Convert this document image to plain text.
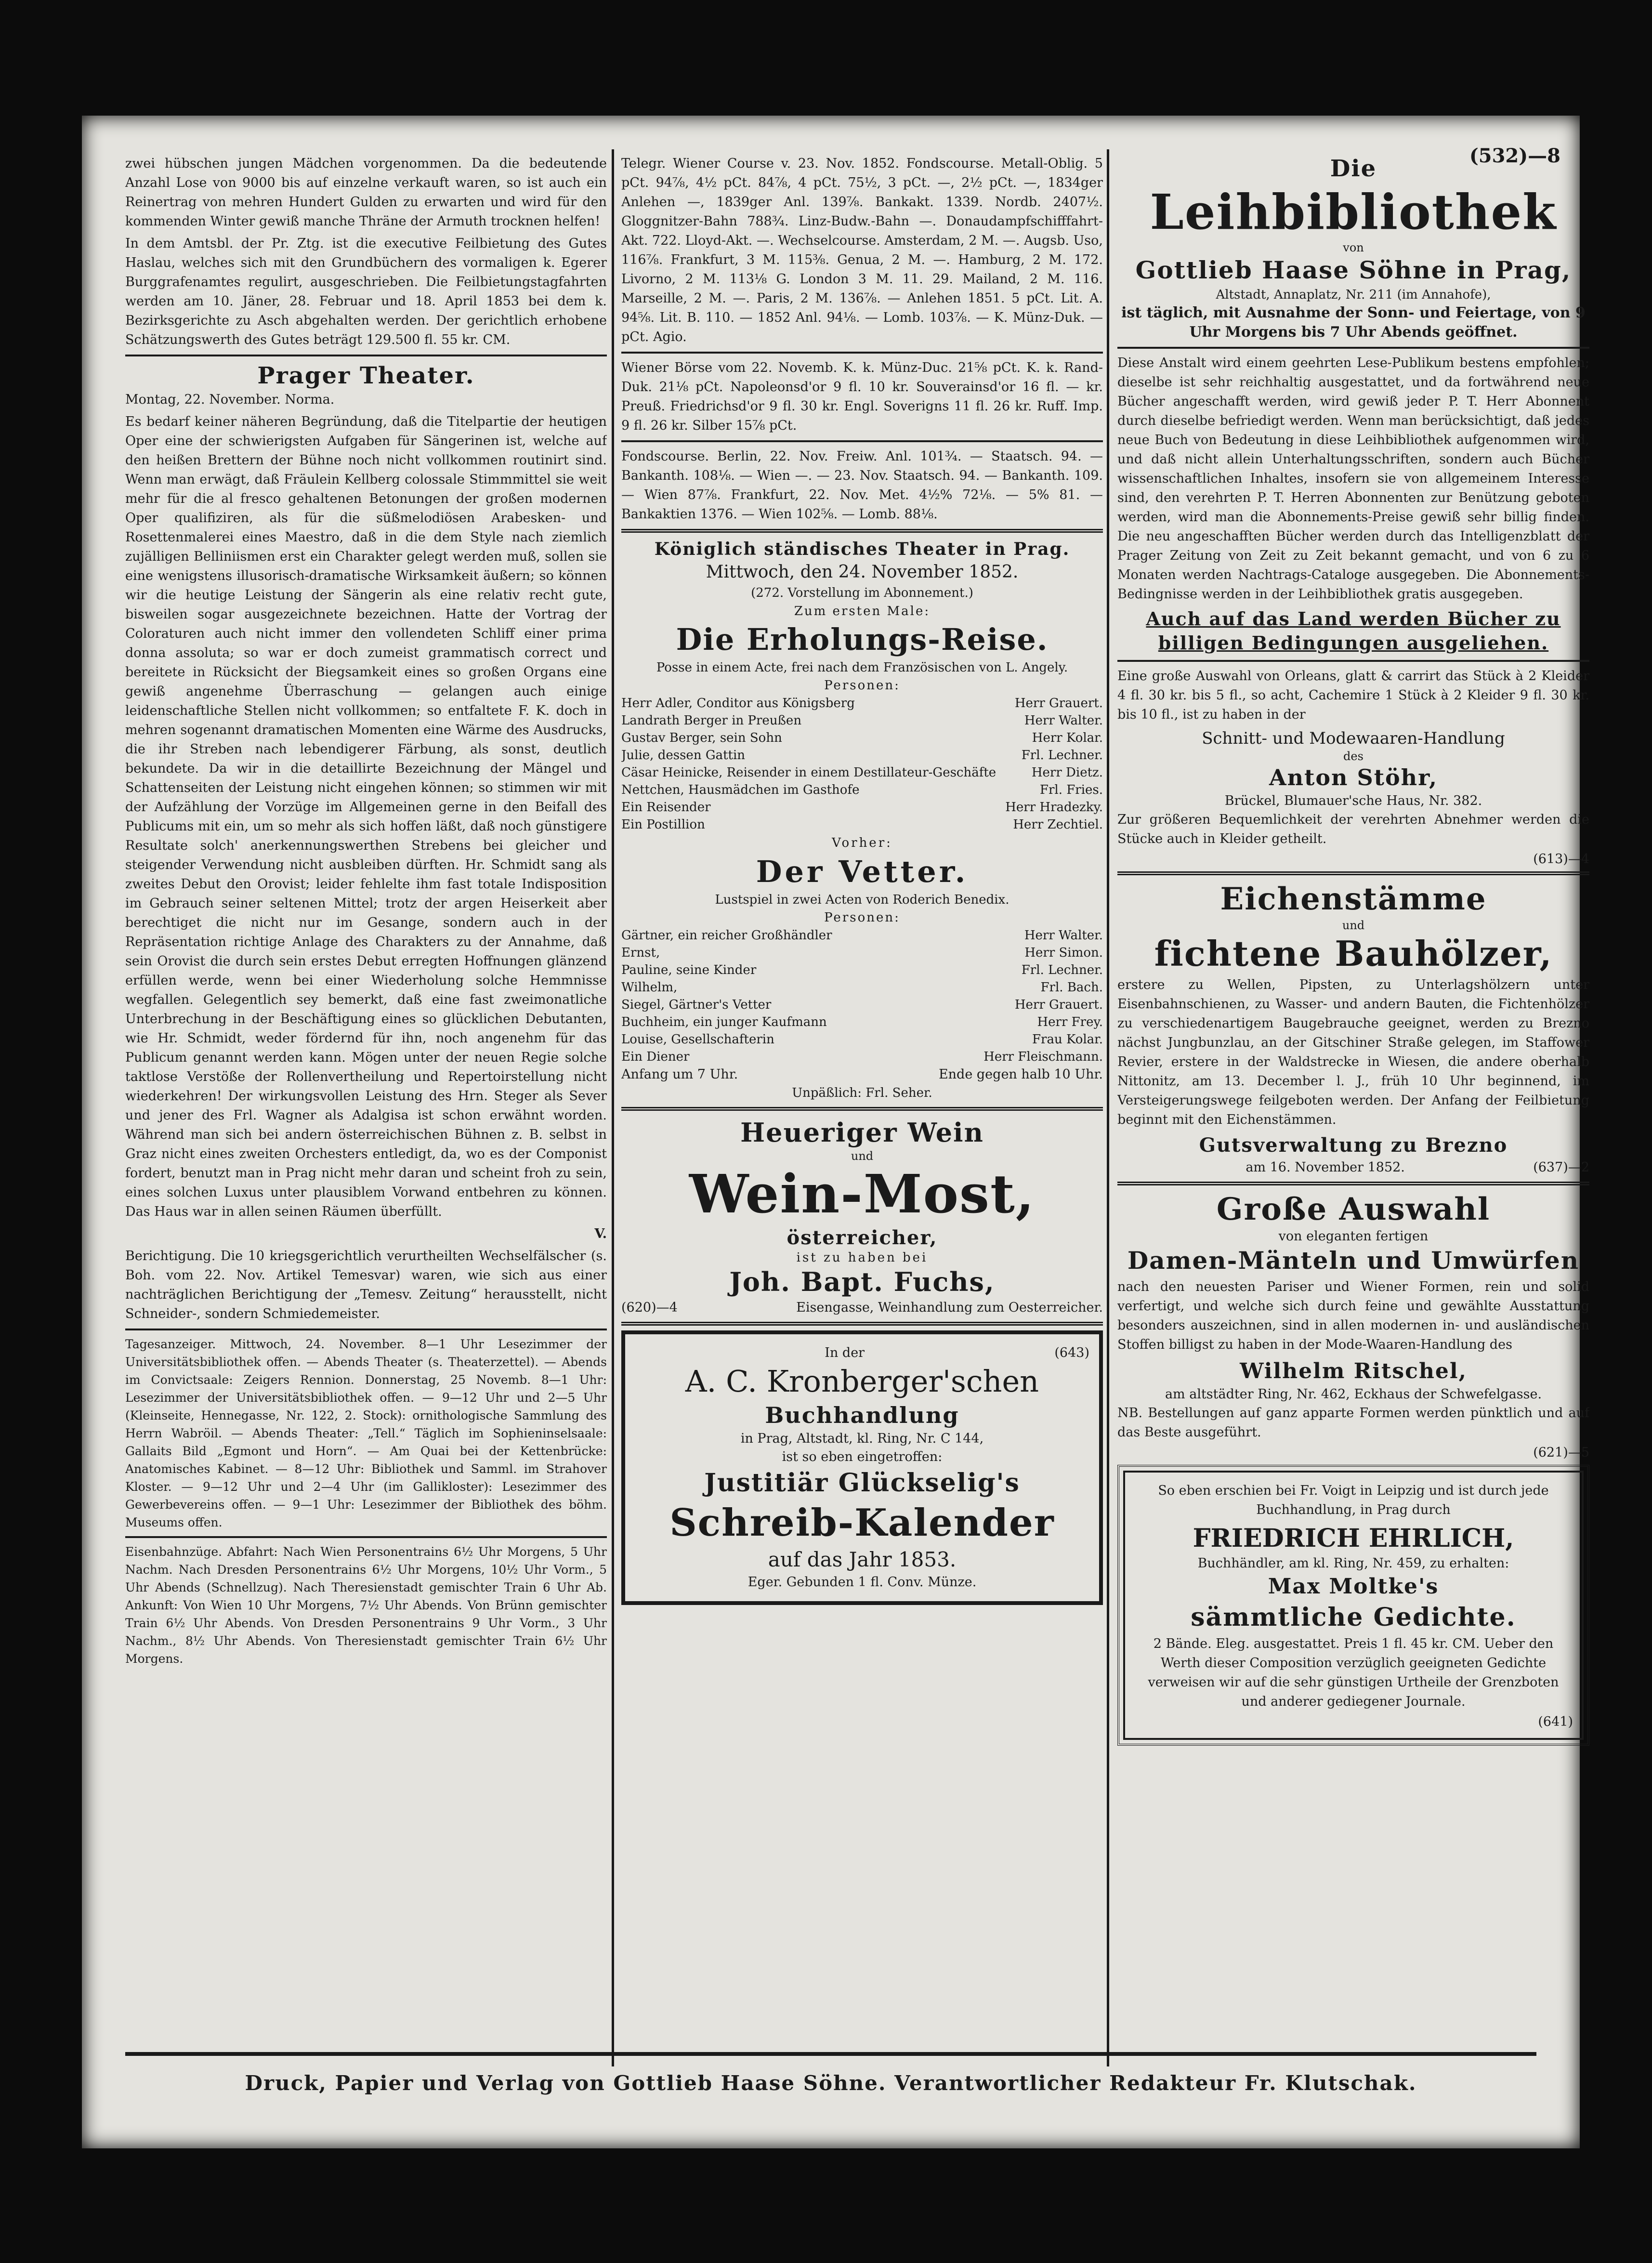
(532)—8

zwei hübschen jungen Mädchen vorgenommen. Da die bedeutende Anzahl Lose von 9000 bis auf einzelne verkauft waren, so ist auch ein Reinertrag von mehren Hundert Gulden zu erwarten und wird für den kommenden Winter gewiß manche Thräne der Armuth trocknen helfen!

In dem Amtsbl. der Pr. Ztg. ist die executive Feilbietung des Gutes Haslau, welches sich mit den Grundbüchern des vormaligen k. Egerer Burggrafenamtes regulirt, ausgeschrieben. Die Feilbietungstagfahrten werden am 10. Jäner, 28. Februar und 18. April 1853 bei dem k. Bezirksgerichte zu Asch abgehalten werden. Der gerichtlich erhobene Schätzungswerth des Gutes beträgt 129.500 fl. 55 kr. CM.

Prager Theater.

Montag, 22. November. Norma.

Es bedarf keiner näheren Begründung, daß die Titelpartie der heutigen Oper eine der schwierigsten Aufgaben für Sängerinen ist, welche auf den heißen Brettern der Bühne noch nicht vollkommen routinirt sind. Wenn man erwägt, daß Fräulein Kellberg colossale Stimmmittel sie weit mehr für die al fresco gehaltenen Betonungen der großen modernen Oper qualifiziren, als für die süßmelodiösen Arabesken- und Rosettenmalerei eines Maestro, daß in die dem Style nach ziemlich zujälligen Belliniismen erst ein Charakter gelegt werden muß, sollen sie eine wenigstens illusorisch-dramatische Wirksamkeit äußern; so können wir die heutige Leistung der Sängerin als eine relativ recht gute, bisweilen sogar ausgezeichnete bezeichnen. Hatte der Vortrag der Coloraturen auch nicht immer den vollendeten Schliff einer prima donna assoluta; so war er doch zumeist grammatisch correct und bereitete in Rücksicht der Biegsamkeit eines so großen Organs eine gewiß angenehme Überraschung — gelangen auch einige leidenschaftliche Stellen nicht vollkommen; so entfaltete F. K. doch in mehren sogenannt dramatischen Momenten eine Wärme des Ausdrucks, die ihr Streben nach lebendigerer Färbung, als sonst, deutlich bekundete. Da wir in die detaillirte Bezeichnung der Mängel und Schattenseiten der Leistung nicht eingehen können; so stimmen wir mit der Aufzählung der Vorzüge im Allgemeinen gerne in den Beifall des Publicums mit ein, um so mehr als sich hoffen läßt, daß noch günstigere Resultate solch' anerkennungswerthen Strebens bei gleicher und steigender Verwendung nicht ausbleiben dürften. Hr. Schmidt sang als zweites Debut den Orovist; leider fehlelte ihm fast totale Indisposition im Gebrauch seiner seltenen Mittel; trotz der argen Heiserkeit aber berechtiget die nicht nur im Gesange, sondern auch in der Repräsentation richtige Anlage des Charakters zu der Annahme, daß sein Orovist die durch sein erstes Debut erregten Hoffnungen glänzend erfüllen werde, wenn bei einer Wiederholung solche Hemmnisse wegfallen. Gelegentlich sey bemerkt, daß eine fast zweimonatliche Unterbrechung in der Beschäftigung eines so glücklichen Debutanten, wie Hr. Schmidt, weder fördernd für ihn, noch angenehm für das Publicum genannt werden kann. Mögen unter der neuen Regie solche taktlose Verstöße der Rollenvertheilung und Repertoirstellung nicht wiederkehren! Der wirkungsvollen Leistung des Hrn. Steger als Sever und jener des Frl. Wagner als Adalgisa ist schon erwähnt worden. Während man sich bei andern österreichischen Bühnen z. B. selbst in Graz nicht eines zweiten Orchesters entledigt, da, wo es der Componist fordert, benutzt man in Prag nicht mehr daran und scheint froh zu sein, eines solchen Luxus unter plausiblem Vorwand entbehren zu können. Das Haus war in allen seinen Räumen überfüllt.

V.

Berichtigung. Die 10 kriegsgerichtlich verurtheilten Wechselfälscher (s. Boh. vom 22. Nov. Artikel Temesvar) waren, wie sich aus einer nachträglichen Berichtigung der „Temesv. Zeitung“ herausstellt, nicht Schneider-, sondern Schmiedemeister.

Tagesanzeiger. Mittwoch, 24. November. 8—1 Uhr Lesezimmer der Universitätsbibliothek offen. — Abends Theater (s. Theaterzettel). — Abends im Convictsaale: Zeigers Rennion. Donnerstag, 25 Novemb. 8—1 Uhr: Lesezimmer der Universitätsbibliothek offen. — 9—12 Uhr und 2—5 Uhr (Kleinseite, Hennegasse, Nr. 122, 2. Stock): ornithologische Sammlung des Herrn Wabröil. — Abends Theater: „Tell.“ Täglich im Sophieninselsaale: Gallaits Bild „Egmont und Horn“. — Am Quai bei der Kettenbrücke: Anatomisches Kabinet. — 8—12 Uhr: Bibliothek und Samml. im Strahover Kloster. — 9—12 Uhr und 2—4 Uhr (im Gallikloster): Lesezimmer des Gewerbevereins offen. — 9—1 Uhr: Lesezimmer der Bibliothek des böhm. Museums offen.

Eisenbahnzüge. Abfahrt: Nach Wien Personentrains 6½ Uhr Morgens, 5 Uhr Nachm. Nach Dresden Personentrains 6½ Uhr Morgens, 10½ Uhr Vorm., 5 Uhr Abends (Schnellzug). Nach Theresienstadt gemischter Train 6 Uhr Ab. Ankunft: Von Wien 10 Uhr Morgens, 7½ Uhr Abends. Von Brünn gemischter Train 6½ Uhr Abends. Von Dresden Personentrains 9 Uhr Vorm., 3 Uhr Nachm., 8½ Uhr Abends. Von Theresienstadt gemischter Train 6½ Uhr Morgens.

Telegr. Wiener Course v. 23. Nov. 1852. Fondscourse. Metall-Oblig. 5 pCt. 94⅞, 4½ pCt. 84⅞, 4 pCt. 75½, 3 pCt. —, 2½ pCt. —, 1834ger Anlehen —, 1839ger Anl. 139⅞. Bankakt. 1339. Nordb. 2407½. Gloggnitzer-Bahn 788¾. Linz-Budw.-Bahn —. Donaudampfschifffahrt-Akt. 722. Lloyd-Akt. —. Wechselcourse. Amsterdam, 2 M. —. Augsb. Uso, 116⅞. Frankfurt, 3 M. 115⅜. Genua, 2 M. —. Hamburg, 2 M. 172. Livorno, 2 M. 113⅛ G. London 3 M. 11. 29. Mailand, 2 M. 116. Marseille, 2 M. —. Paris, 2 M. 136⅞. — Anlehen 1851. 5 pCt. Lit. A. 94⅝. Lit. B. 110. — 1852 Anl. 94⅛. — Lomb. 103⅞. — K. Münz-Duk. — pCt. Agio.

Wiener Börse vom 22. Novemb. K. k. Münz-Duc. 21⅝ pCt. K. k. Rand-Duk. 21⅛ pCt. Napoleonsd'or 9 fl. 10 kr. Souverainsd'or 16 fl. — kr. Preuß. Friedrichsd'or 9 fl. 30 kr. Engl. Soverigns 11 fl. 26 kr. Ruff. Imp. 9 fl. 26 kr. Silber 15⅞ pCt.

Fondscourse. Berlin, 22. Nov. Freiw. Anl. 101¾. — Staatsch. 94. — Bankanth. 108⅛. — Wien —. — 23. Nov. Staatsch. 94. — Bankanth. 109. — Wien 87⅞. Frankfurt, 22. Nov. Met. 4½% 72⅛. — 5% 81. — Bankaktien 1376. — Wien 102⅝. — Lomb. 88⅛.

Königlich ständisches Theater in Prag.
Mittwoch, den 24. November 1852.
(272. Vorstellung im Abonnement.)
Zum ersten Male:
Die Erholungs-Reise.
Posse in einem Acte, frei nach dem Französischen von L. Angely.
Personen:
Herr Adler, Conditor aus Königsberg	Herr Grauert.
Landrath Berger in Preußen	Herr Walter.
Gustav Berger, sein Sohn	Herr Kolar.
Julie, dessen Gattin	Frl. Lechner.
Cäsar Heinicke, Reisender in einem Destillateur-Geschäfte	Herr Dietz.
Nettchen, Hausmädchen im Gasthofe	Frl. Fries.
Ein Reisender	Herr Hradezky.
Ein Postillion	Herr Zechtiel.
Vorher:
Der Vetter.
Lustspiel in zwei Acten von Roderich Benedix.
Personen:
Gärtner, ein reicher Großhändler	Herr Walter.
Ernst,	Herr Simon.
Pauline, seine Kinder	Frl. Lechner.
Wilhelm,	Frl. Bach.
Siegel, Gärtner's Vetter	Herr Grauert.
Buchheim, ein junger Kaufmann	Herr Frey.
Louise, Gesellschafterin	Frau Kolar.
Ein Diener	Herr Fleischmann.
Anfang um 7 Uhr.	Ende gegen halb 10 Uhr.
Unpäßlich: Frl. Seher.
Heueriger Wein
und
Wein-Most,
österreicher,
ist zu haben bei
Joh. Bapt. Fuchs,
(620)—4	Eisengasse, Weinhandlung zum Oesterreicher.
In der	(643)
A. C. Kronberger'schen
Buchhandlung
in Prag, Altstadt, kl. Ring, Nr. C 144,
ist so eben eingetroffen:
Justitiär Glückselig's
Schreib-Kalender
auf das Jahr 1853.
Eger. Gebunden 1 fl. Conv. Münze.
Die
Leihbibliothek
von
Gottlieb Haase Söhne in Prag,
Altstadt, Annaplatz, Nr. 211 (im Annahofe),
ist täglich, mit Ausnahme der Sonn- und Feiertage, von 9 Uhr Morgens bis 7 Uhr Abends geöffnet.

Diese Anstalt wird einem geehrten Lese-Publikum bestens empfohlen; dieselbe ist sehr reichhaltig ausgestattet, und da fortwährend neue Bücher angeschafft werden, wird gewiß jeder P. T. Herr Abonnent durch dieselbe befriedigt werden. Wenn man berücksichtigt, daß jedes neue Buch von Bedeutung in diese Leihbibliothek aufgenommen wird, und daß nicht allein Unterhaltungsschriften, sondern auch Bücher wissenschaftlichen Inhaltes, insofern sie von allgemeinem Interesse sind, den verehrten P. T. Herren Abonnenten zur Benützung geboten werden, wird man die Abonnements-Preise gewiß sehr billig finden. Die neu angeschafften Bücher werden durch das Intelligenzblatt der Prager Zeitung von Zeit zu Zeit bekannt gemacht, und von 6 zu 6 Monaten werden Nachtrags-Cataloge ausgegeben. Die Abonnements-Bedingnisse werden in der Leihbibliothek gratis ausgegeben.

Auch auf das Land werden Bücher zu billigen Bedingungen ausgeliehen.

Eine große Auswahl von Orleans, glatt & carrirt das Stück à 2 Kleider 4 fl. 30 kr. bis 5 fl., so acht, Cachemire 1 Stück à 2 Kleider 9 fl. 30 kr. bis 10 fl., ist zu haben in der

Schnitt- und Modewaaren-Handlung
des
Anton Stöhr,
Brückel, Blumauer'sche Haus, Nr. 382.

Zur größeren Bequemlichkeit der verehrten Abnehmer werden die Stücke auch in Kleider getheilt.

(613)—4
Eichenstämme
und
fichtene Bauhölzer,

erstere zu Wellen, Pipsten, zu Unterlagshölzern unter Eisenbahnschienen, zu Wasser- und andern Bauten, die Fichtenhölzer zu verschiedenartigem Baugebrauche geeignet, werden zu Brezno nächst Jungbunzlau, an der Gitschiner Straße gelegen, im Staffower Revier, erstere in der Waldstrecke in Wiesen, die andere oberhalb Nittonitz, am 13. December l. J., früh 10 Uhr beginnend, im Versteigerungswege feilgeboten werden. Der Anfang der Feilbietung beginnt mit den Eichenstämmen.

Gutsverwaltung zu Brezno
am 16. November 1852.	(637)—2
Große Auswahl
von eleganten fertigen
Damen-Mänteln und Umwürfen

nach den neuesten Pariser und Wiener Formen, rein und solid verfertigt, und welche sich durch feine und gewählte Ausstattung besonders auszeichnen, sind in allen modernen in- und ausländischen Stoffen billigst zu haben in der Mode-Waaren-Handlung des

Wilhelm Ritschel,
am altstädter Ring, Nr. 462, Eckhaus der Schwefelgasse.

NB. Bestellungen auf ganz apparte Formen werden pünktlich und auf das Beste ausgeführt.

(621)—5

So eben erschien bei Fr. Voigt in Leipzig und ist durch jede Buchhandlung, in Prag durch

FRIEDRICH EHRLICH,
Buchhändler, am kl. Ring, Nr. 459, zu erhalten:
Max Moltke's
sämmtliche Gedichte.

2 Bände. Eleg. ausgestattet. Preis 1 fl. 45 kr. CM. Ueber den Werth dieser Composition verzüglich geeigneten Gedichte verweisen wir auf die sehr günstigen Urtheile der Grenzboten und anderer gediegener Journale.

(641)
Druck, Papier und Verlag von Gottlieb Haase Söhne. Verantwortlicher Redakteur Fr. Klutschak.
